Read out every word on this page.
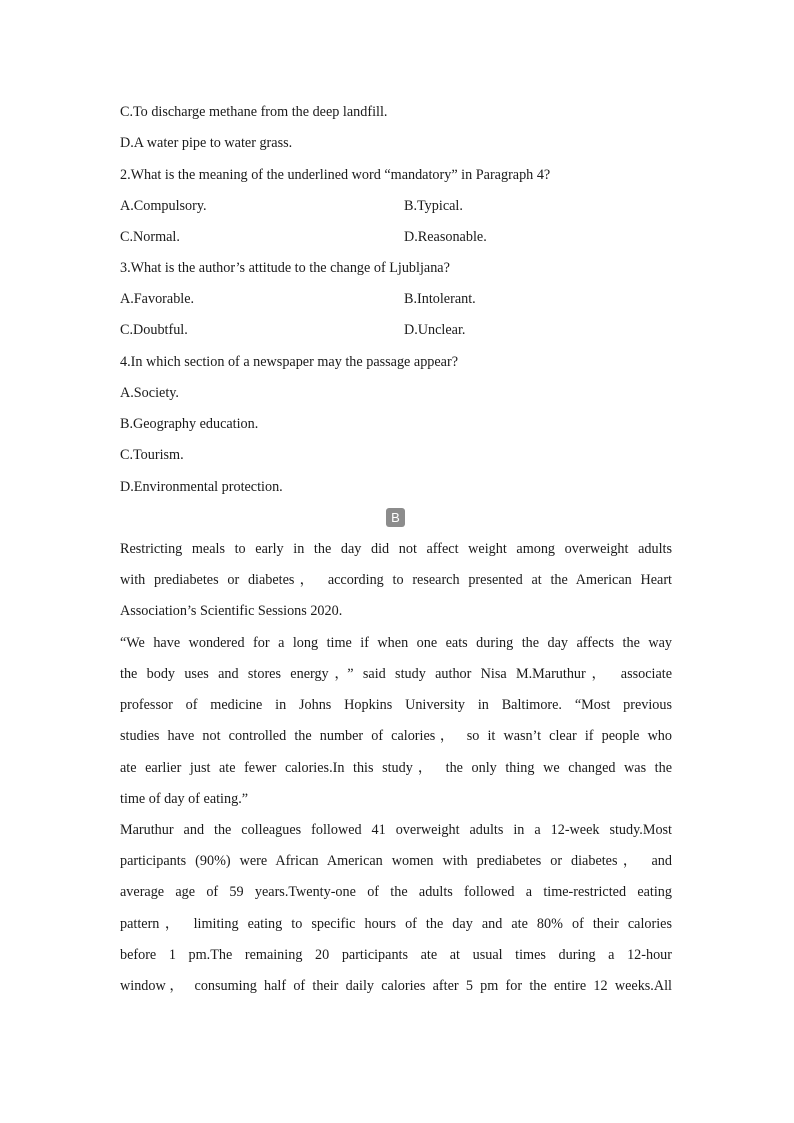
C.To discharge methane from the deep landfill.
D.A water pipe to water grass.
2.What is the meaning of the underlined word “mandatory” in Paragraph 4?
A.Compulsory.	B.Typical.
C.Normal.	D.Reasonable.
3.What is the author’s attitude to the change of Ljubljana?
A.Favorable.	B.Intolerant.
C.Doubtful.	D.Unclear.
4.In which section of a newspaper may the passage appear?
A.Society.
B.Geography education.
C.Tourism.
D.Environmental protection.
B
Restricting meals to early in the day did not affect weight among overweight adults
with prediabetes or diabetes， according to research presented at the American Heart
Association’s Scientific Sessions 2020.
“We have wondered for a long time if when one eats during the day affects the way
the body uses and stores energy，” said study author Nisa M.Maruthur， associate
professor of medicine in Johns Hopkins University in Baltimore. “Most previous
studies have not controlled the number of calories， so it wasn’t clear if people who
ate earlier just ate fewer calories.In this study， the only thing we changed was the
time of day of eating.”
Maruthur and the colleagues followed 41 overweight adults in a 12-week study.Most
participants (90%) were African American women with prediabetes or diabetes， and
average age of 59 years.Twenty-one of the adults followed a time-restricted eating
pattern， limiting eating to specific hours of the day and ate 80% of their calories
before 1 pm.The remaining 20 participants ate at usual times during a 12-hour
window， consuming half of their daily calories after 5 pm for the entire 12 weeks.All
